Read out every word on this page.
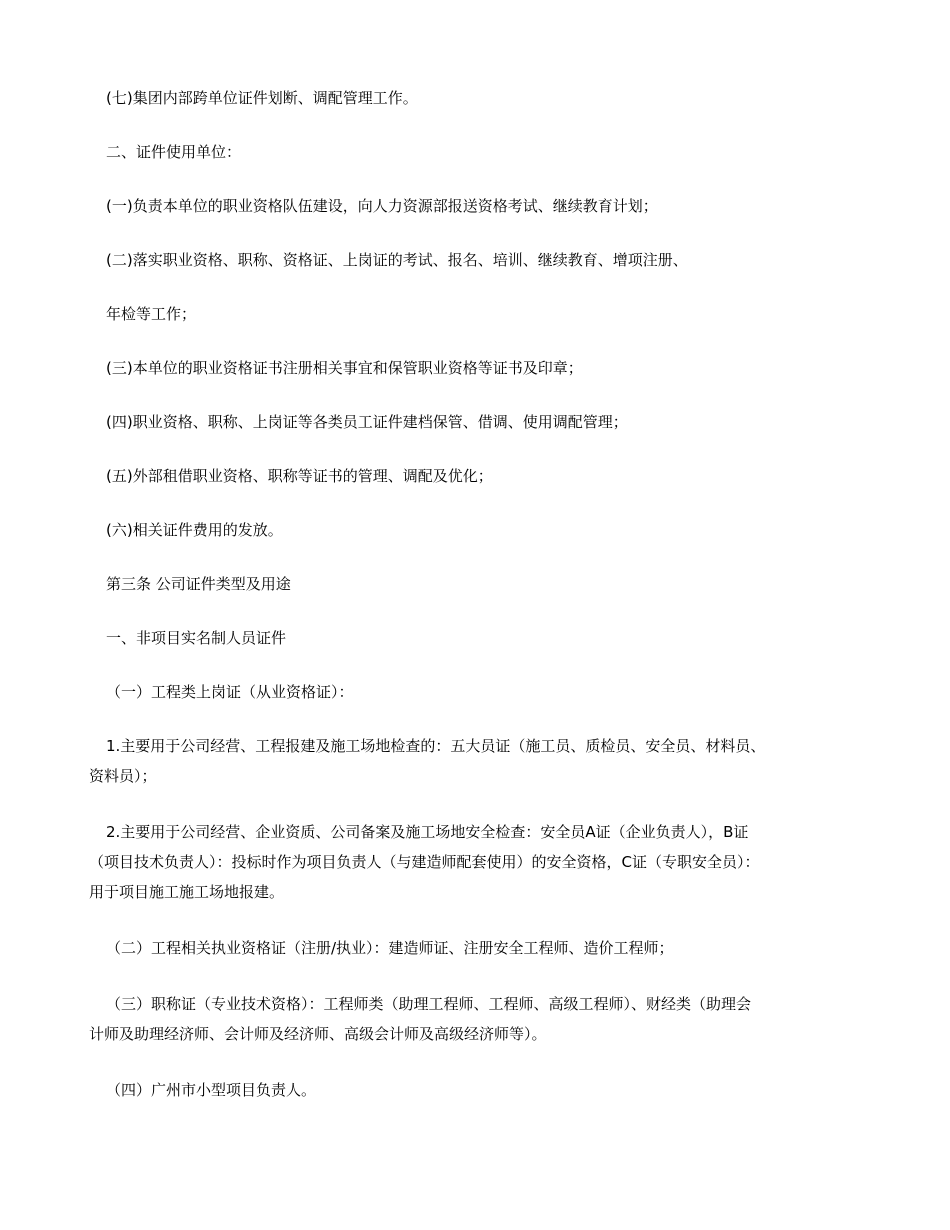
(七)集团内部跨单位证件划断、调配管理工作。
二、证件使用单位：
(一)负责本单位的职业资格队伍建设，向人力资源部报送资格考试、继续教育计划；
(二)落实职业资格、职称、资格证、上岗证的考试、报名、培训、继续教育、增项注册、
年检等工作；
(三)本单位的职业资格证书注册相关事宜和保管职业资格等证书及印章；
(四)职业资格、职称、上岗证等各类员工证件建档保管、借调、使用调配管理；
(五)外部租借职业资格、职称等证书的管理、调配及优化；
(六)相关证件费用的发放。
第三条 公司证件类型及用途
一、非项目实名制人员证件
（一）工程类上岗证（从业资格证）：
1.主要用于公司经营、工程报建及施工场地检查的：五大员证（施工员、质检员、安全员、材料员、
资料员）；
2.主要用于公司经营、企业资质、公司备案及施工场地安全检查：安全员A证（企业负责人），B证
（项目技术负责人）：投标时作为项目负责人（与建造师配套使用）的安全资格，C证（专职安全员）：
用于项目施工施工场地报建。
（二）工程相关执业资格证（注册/执业）：建造师证、注册安全工程师、造价工程师；
（三）职称证（专业技术资格）：工程师类（助理工程师、工程师、高级工程师）、财经类（助理会
计师及助理经济师、会计师及经济师、高级会计师及高级经济师等）。
（四）广州市小型项目负责人。
